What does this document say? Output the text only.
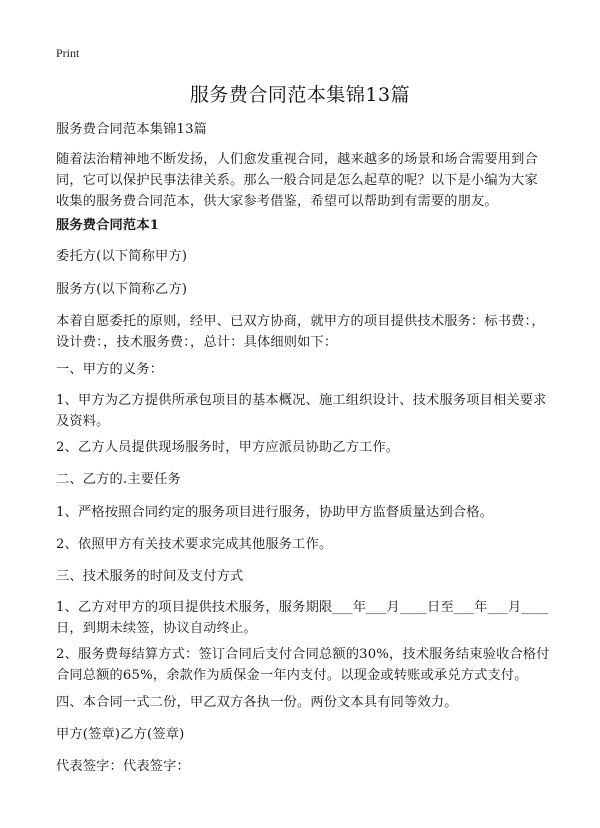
Print
服务费合同范本集锦13篇
服务费合同范本集锦13篇
随着法治精神地不断发扬，人们愈发重视合同，越来越多的场景和场合需要用到合同，它可以保护民事法律关系。那么一般合同是怎么起草的呢？以下是小编为大家收集的服务费合同范本，供大家参考借鉴，希望可以帮助到有需要的朋友。
服务费合同范本1
委托方(以下简称甲方)
服务方(以下简称乙方)
本着自愿委托的原则，经甲、已双方协商，就甲方的项目提供技术服务：标书费：，设计费：，技术服务费：，总计：具体细则如下：
一、甲方的义务：
1、甲方为乙方提供所承包项目的基本概况、施工组织设计、技术服务项目相关要求及资料。
2、乙方人员提供现场服务时，甲方应派员协助乙方工作。
二、乙方的.主要任务
1、严格按照合同约定的服务项目进行服务，协助甲方监督质量达到合格。
2、依照甲方有关技术要求完成其他服务工作。
三、技术服务的时间及支付方式
1、乙方对甲方的项目提供技术服务，服务期限___年___月____日至___年___月____日，到期未续签，协议自动终止。
2、服务费每结算方式：签订合同后支付合同总额的30%，技术服务结束验收合格付合同总额的65%，余款作为质保金一年内支付。以现金或转账或承兑方式支付。
四、本合同一式二份，甲乙双方各执一份。两份文本具有同等效力。
甲方(签章)乙方(签章)
代表签字：代表签字：
